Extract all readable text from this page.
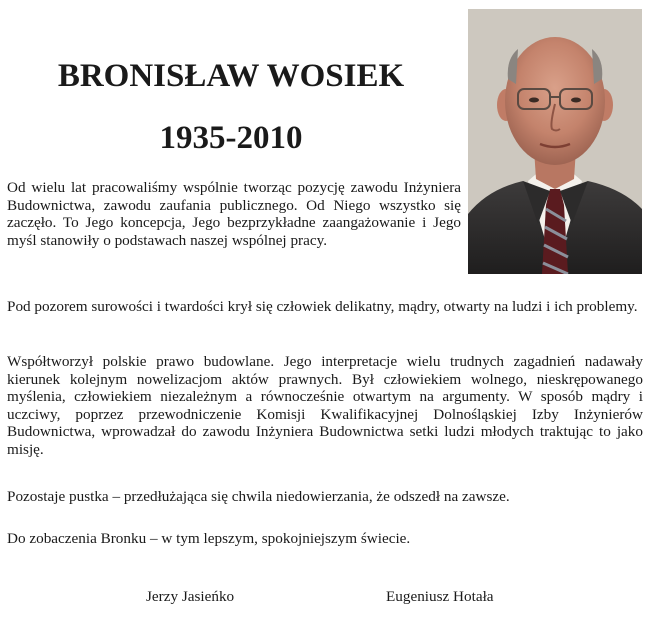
BRONISŁAW WOSIEK
1935-2010

Od wielu lat pracowaliśmy wspólnie tworząc pozycję zawodu Inżyniera Budownictwa, zawodu zaufania publicznego. Od Niego wszystko się zaczęło. To Jego koncepcja, Jego bezprzykładne zaangażowanie i Jego myśl stanowiły o podstawach naszej wspólnej pracy.

Pod pozorem surowości i twardości krył się człowiek delikatny, mądry, otwarty na ludzi i ich problemy.

Współtworzył polskie prawo budowlane. Jego interpretacje wielu trudnych zagadnień nadawały kierunek kolejnym nowelizacjom aktów prawnych. Był człowiekiem wolnego, nieskrępowanego myślenia, człowiekiem niezależnym a równocześnie otwartym na argumenty. W sposób mądry i uczciwy, poprzez przewodniczenie Komisji Kwalifikacyjnej Dolnośląskiej Izby Inżynierów Budownictwa, wprowadzał do zawodu Inżyniera Budownictwa setki ludzi młodych traktując to jako misję.

Pozostaje pustka – przedłużająca się chwila niedowierzania, że odszedł na zawsze.

Do zobaczenia Bronku – w tym lepszym, spokojniejszym świecie.

Jerzy Jasieńko	Eugeniusz Hotała
